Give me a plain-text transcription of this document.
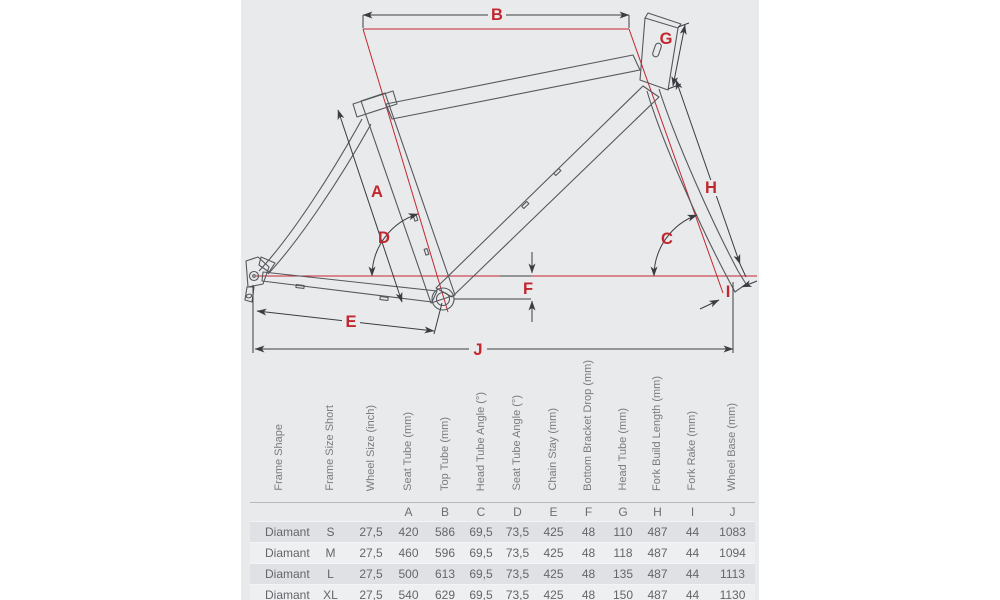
B
G
A	H
D	C
F	I
E
J
Frame Shape	Frame Size Short	Wheel Size (inch)	Seat Tube (mm)	Top Tube (mm)	Head Tube Angle (°)	Seat Tube Angle (°)	Chain Stay (mm)	Bottom Bracket Drop (mm)	Head Tube (mm)	Fork Build Length (mm)	Fork Rake (mm)	Wheel Base (mm)
			A	B	C	D	E	F	G	H	I	J
Diamant	S	27,5	420	586	69,5	73,5	425	48	110	487	44	1083
Diamant	M	27,5	460	596	69,5	73,5	425	48	118	487	44	1094
Diamant	L	27,5	500	613	69,5	73,5	425	48	135	487	44	1113
Diamant	XL	27,5	540	629	69,5	73,5	425	48	150	487	44	1130
